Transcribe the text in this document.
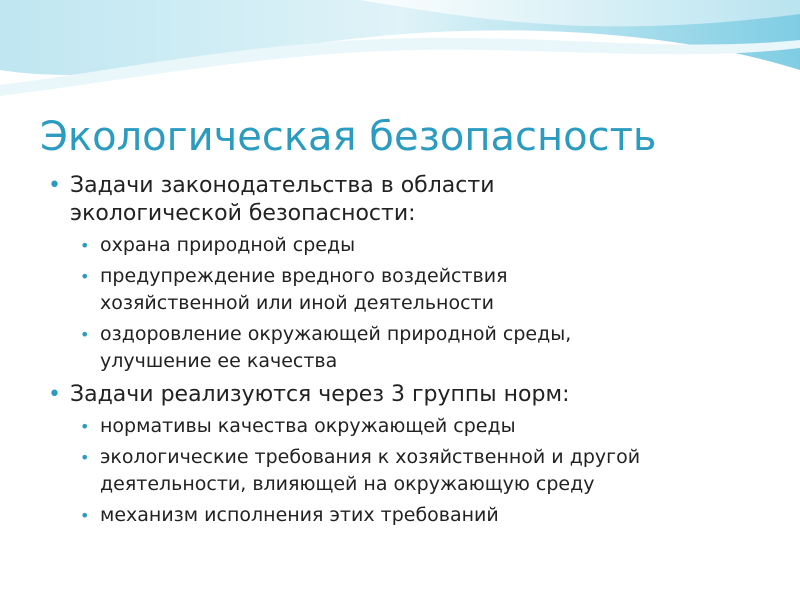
Экологическая безопасность

• Задачи законодательства в области
экологической безопасности:

• охрана природной среды

• предупреждение вредного воздействия
хозяйственной или иной деятельности

• оздоровление окружающей природной среды,
улучшение ее качества

• Задачи реализуются через 3 группы норм:

• нормативы качества окружающей среды

• экологические требования к хозяйственной и другой
деятельности, влияющей на окружающую среду

• механизм исполнения этих требований
